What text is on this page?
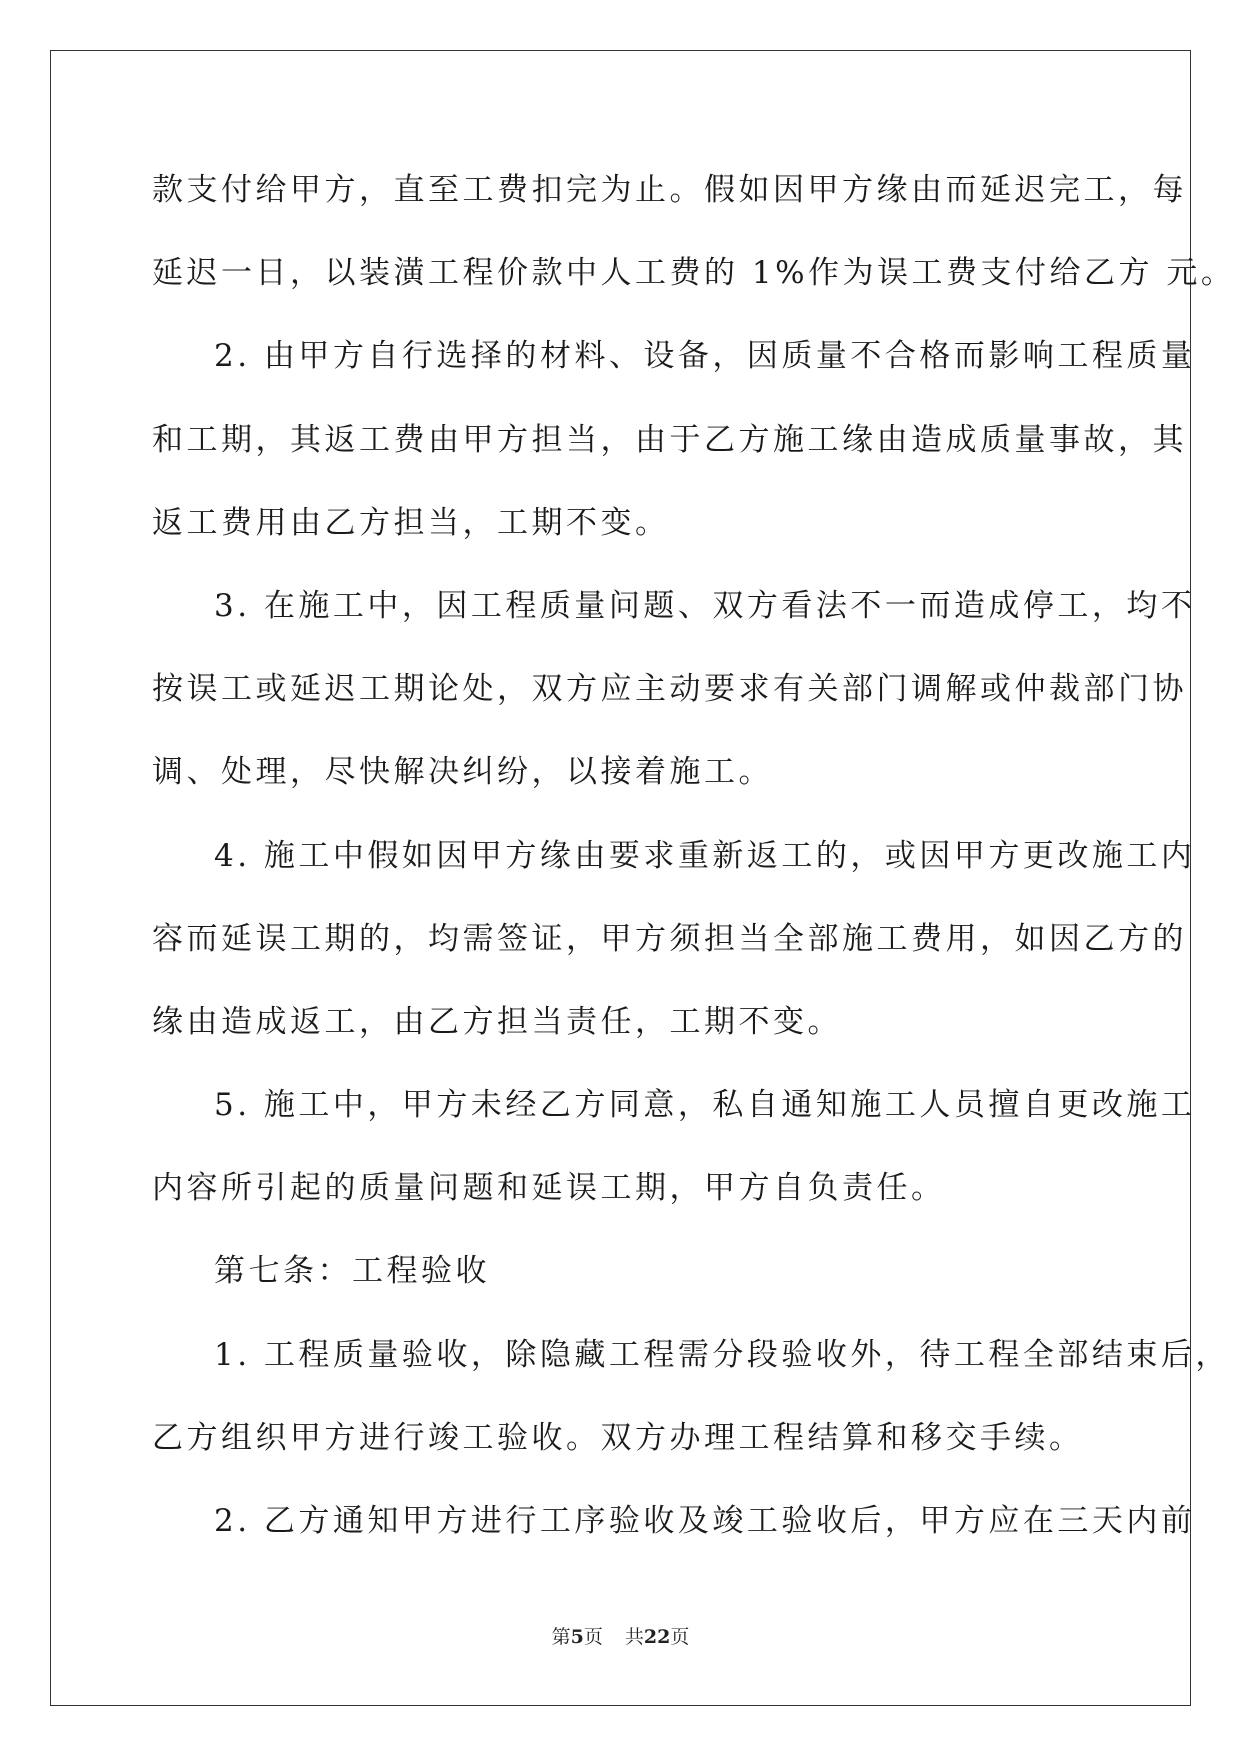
款支付给甲方，直至工费扣完为止。假如因甲方缘由而延迟完工，每
延迟一日，以装潢工程价款中人工费的 1%作为误工费支付给乙方 元。
2. 由甲方自行选择的材料、设备，因质量不合格而影响工程质量
和工期，其返工费由甲方担当，由于乙方施工缘由造成质量事故，其
返工费用由乙方担当，工期不变。
3. 在施工中，因工程质量问题、双方看法不一而造成停工，均不
按误工或延迟工期论处，双方应主动要求有关部门调解或仲裁部门协
调、处理，尽快解决纠纷，以接着施工。
4. 施工中假如因甲方缘由要求重新返工的，或因甲方更改施工内
容而延误工期的，均需签证，甲方须担当全部施工费用，如因乙方的
缘由造成返工，由乙方担当责任，工期不变。
5. 施工中，甲方未经乙方同意，私自通知施工人员擅自更改施工
内容所引起的质量问题和延误工期，甲方自负责任。
第七条：工程验收
1. 工程质量验收，除隐藏工程需分段验收外，待工程全部结束后，
乙方组织甲方进行竣工验收。双方办理工程结算和移交手续。
2. 乙方通知甲方进行工序验收及竣工验收后，甲方应在三天内前
第5页 共22页
